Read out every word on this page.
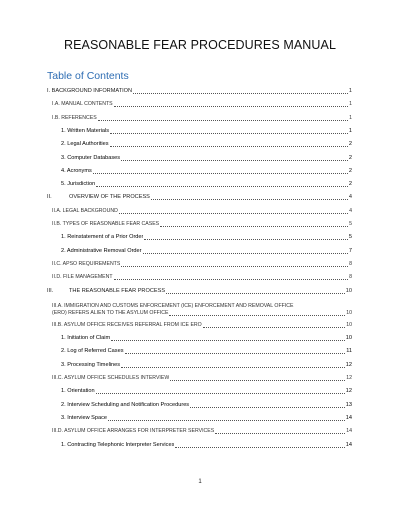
REASONABLE FEAR PROCEDURES MANUAL
Table of Contents
I. BACKGROUND INFORMATION	1
I.A. MANUAL CONTENTS	1
I.B. REFERENCES	1
1. Written Materials	1
2. Legal Authorities	2
3. Computer Databases	2
4. Acronyms	2
5. Jurisdiction	2
II.	OVERVIEW OF THE PROCESS	4
II.A. LEGAL BACKGROUND	4
II.B. TYPES OF REASONABLE FEAR CASES	5
1. Reinstatement of a Prior Order	5
2. Administrative Removal Order	7
II.C. APSO REQUIREMENTS	8
II.D. FILE MANAGEMENT	8
III.	THE REASONABLE FEAR PROCESS	10
III.A. IMMIGRATION AND CUSTOMS ENFORCEMENT (ICE) ENFORCEMENT AND REMOVAL OFFICE
(ERO) REFERS ALIEN TO THE ASYLUM OFFICE	10
III.B. ASYLUM OFFICE RECEIVES REFERRAL FROM ICE ERO	10
1. Initiation of Claim	10
2. Log of Referred Cases	11
3. Processing Timelines	12
III.C. ASYLUM OFFICE SCHEDULES INTERVIEW	12
1. Orientation	12
2. Interview Scheduling and Notification Procedures	13
3. Interview Space	14
III.D. ASYLUM OFFICE ARRANGES FOR INTERPRETER SERVICES	14
1. Contracting Telephonic Interpreter Services	14
1
